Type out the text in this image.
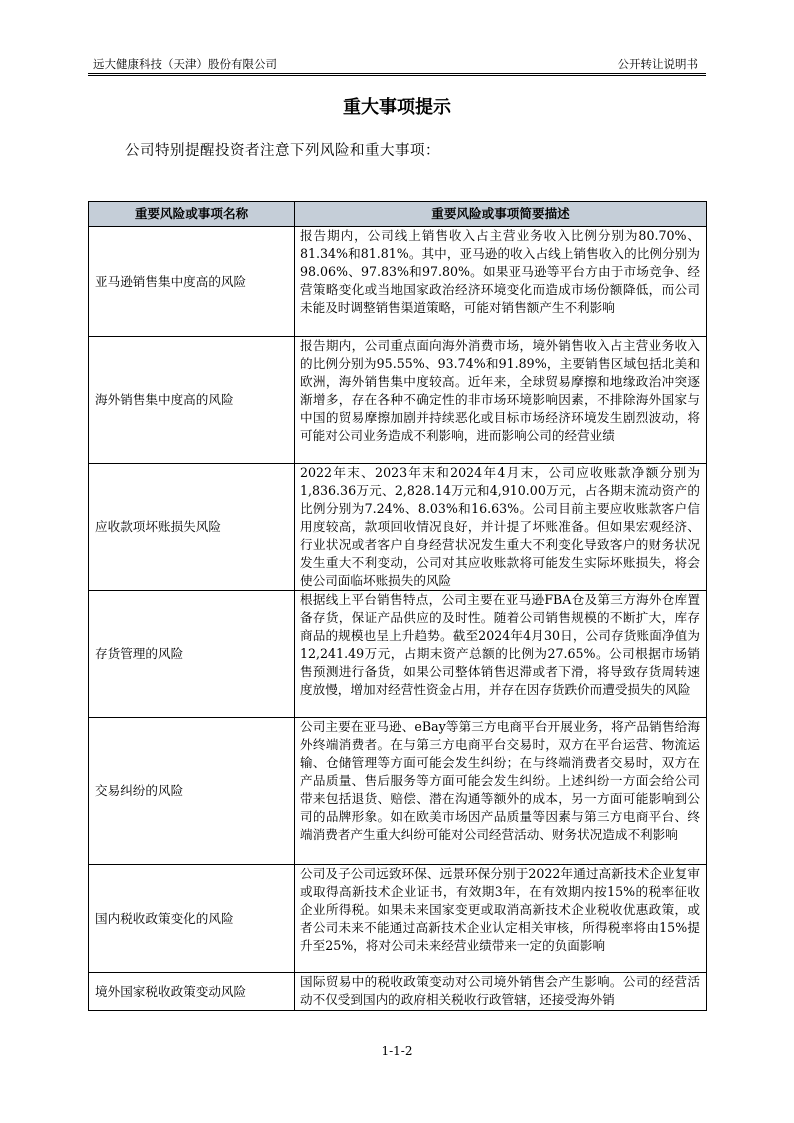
远大健康科技（天津）股份有限公司	公开转让说明书
重大事项提示
公司特别提醒投资者注意下列风险和重大事项：
重要风险或事项名称	重要风险或事项简要描述
亚马逊销售集中度高的风险	报告期内，公司线上销售收入占主营业务收入比例分别为80.70%、81.34%和81.81%。其中，亚马逊的收入占线上销售收入的比例分别为98.06%、97.83%和97.80%。如果亚马逊等平台方由于市场竞争、经营策略变化或当地国家政治经济环境变化而造成市场份额降低，而公司未能及时调整销售渠道策略，可能对销售额产生不利影响
海外销售集中度高的风险	报告期内，公司重点面向海外消费市场，境外销售收入占主营业务收入的比例分别为95.55%、93.74%和91.89%，主要销售区域包括北美和欧洲，海外销售集中度较高。近年来，全球贸易摩擦和地缘政治冲突逐渐增多，存在各种不确定性的非市场环境影响因素，不排除海外国家与中国的贸易摩擦加剧并持续恶化或目标市场经济环境发生剧烈波动，将可能对公司业务造成不利影响，进而影响公司的经营业绩
应收款项坏账损失风险	2022年末、2023年末和2024年4月末，公司应收账款净额分别为1,836.36万元、2,828.14万元和4,910.00万元，占各期末流动资产的比例分别为7.24%、8.03%和16.63%。公司目前主要应收账款客户信用度较高，款项回收情况良好，并计提了坏账准备。但如果宏观经济、行业状况或者客户自身经营状况发生重大不利变化导致客户的财务状况发生重大不利变动，公司对其应收账款将可能发生实际坏账损失，将会使公司面临坏账损失的风险
存货管理的风险	根据线上平台销售特点，公司主要在亚马逊FBA仓及第三方海外仓库置备存货，保证产品供应的及时性。随着公司销售规模的不断扩大，库存商品的规模也呈上升趋势。截至2024年4月30日，公司存货账面净值为12,241.49万元，占期末资产总额的比例为27.65%。公司根据市场销售预测进行备货，如果公司整体销售迟滞或者下滑，将导致存货周转速度放慢，增加对经营性资金占用，并存在因存货跌价而遭受损失的风险
交易纠纷的风险	公司主要在亚马逊、eBay等第三方电商平台开展业务，将产品销售给海外终端消费者。在与第三方电商平台交易时，双方在平台运营、物流运输、仓储管理等方面可能会发生纠纷；在与终端消费者交易时，双方在产品质量、售后服务等方面可能会发生纠纷。上述纠纷一方面会给公司带来包括退货、赔偿、潜在沟通等额外的成本，另一方面可能影响到公司的品牌形象。如在欧美市场因产品质量等因素与第三方电商平台、终端消费者产生重大纠纷可能对公司经营活动、财务状况造成不利影响
国内税收政策变化的风险	公司及子公司远致环保、远景环保分别于2022年通过高新技术企业复审或取得高新技术企业证书，有效期3年，在有效期内按15%的税率征收企业所得税。如果未来国家变更或取消高新技术企业税收优惠政策，或者公司未来不能通过高新技术企业认定相关审核，所得税率将由15%提升至25%，将对公司未来经营业绩带来一定的负面影响
境外国家税收政策变动风险	国际贸易中的税收政策变动对公司境外销售会产生影响。公司的经营活动不仅受到国内的政府相关税收行政管辖，还接受海外销
1-1-2
